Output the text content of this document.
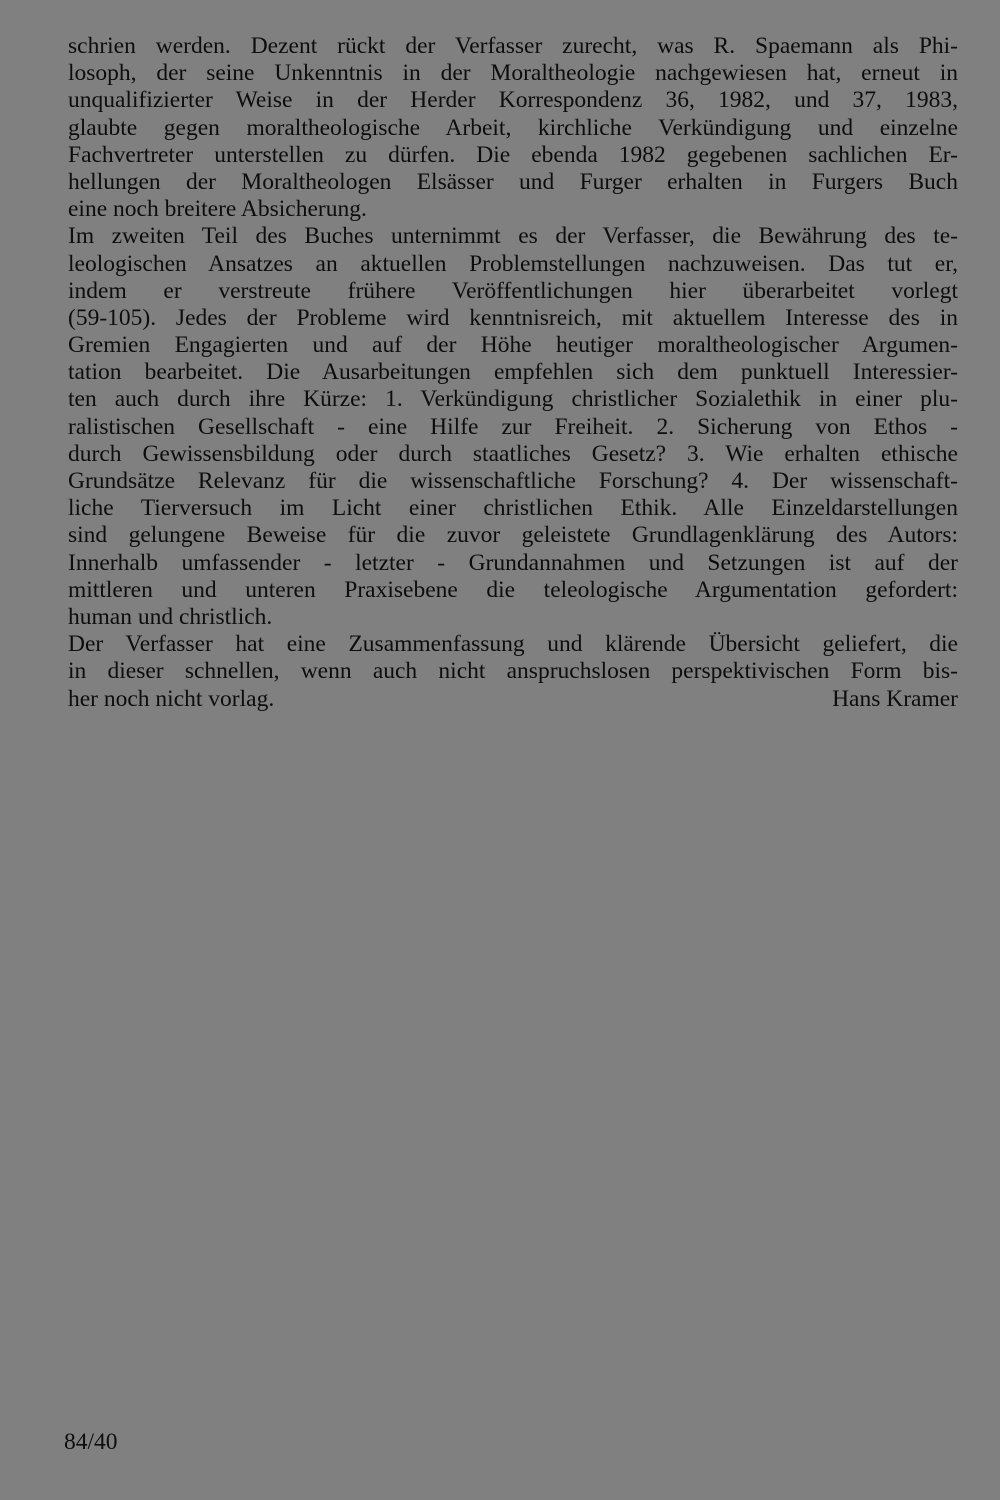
schrien werden. Dezent rückt der Verfasser zurecht, was R. Spaemann als Phi-
losoph, der seine Unkenntnis in der Moraltheologie nachgewiesen hat, erneut in
unqualifizierter Weise in der Herder Korrespondenz 36, 1982, und 37, 1983,
glaubte gegen moraltheologische Arbeit, kirchliche Verkündigung und einzelne
Fachvertreter unterstellen zu dürfen. Die ebenda 1982 gegebenen sachlichen Er-
hellungen der Moraltheologen Elsässer und Furger erhalten in Furgers Buch
eine noch breitere Absicherung.
Im zweiten Teil des Buches unternimmt es der Verfasser, die Bewährung des te-
leologischen Ansatzes an aktuellen Problemstellungen nachzuweisen. Das tut er,
indem er verstreute frühere Veröffentlichungen hier überarbeitet vorlegt
(59-105). Jedes der Probleme wird kenntnisreich, mit aktuellem Interesse des in
Gremien Engagierten und auf der Höhe heutiger moraltheologischer Argumen-
tation bearbeitet. Die Ausarbeitungen empfehlen sich dem punktuell Interessier-
ten auch durch ihre Kürze: 1. Verkündigung christlicher Sozialethik in einer plu-
ralistischen Gesellschaft - eine Hilfe zur Freiheit. 2. Sicherung von Ethos -
durch Gewissensbildung oder durch staatliches Gesetz? 3. Wie erhalten ethische
Grundsätze Relevanz für die wissenschaftliche Forschung? 4. Der wissenschaft-
liche Tierversuch im Licht einer christlichen Ethik. Alle Einzeldarstellungen
sind gelungene Beweise für die zuvor geleistete Grundlagenklärung des Autors:
Innerhalb umfassender - letzter - Grundannahmen und Setzungen ist auf der
mittleren und unteren Praxisebene die teleologische Argumentation gefordert:
human und christlich.
Der Verfasser hat eine Zusammenfassung und klärende Übersicht geliefert, die
in dieser schnellen, wenn auch nicht anspruchslosen perspektivischen Form bis-
her noch nicht vorlag.	Hans Kramer
84/40
